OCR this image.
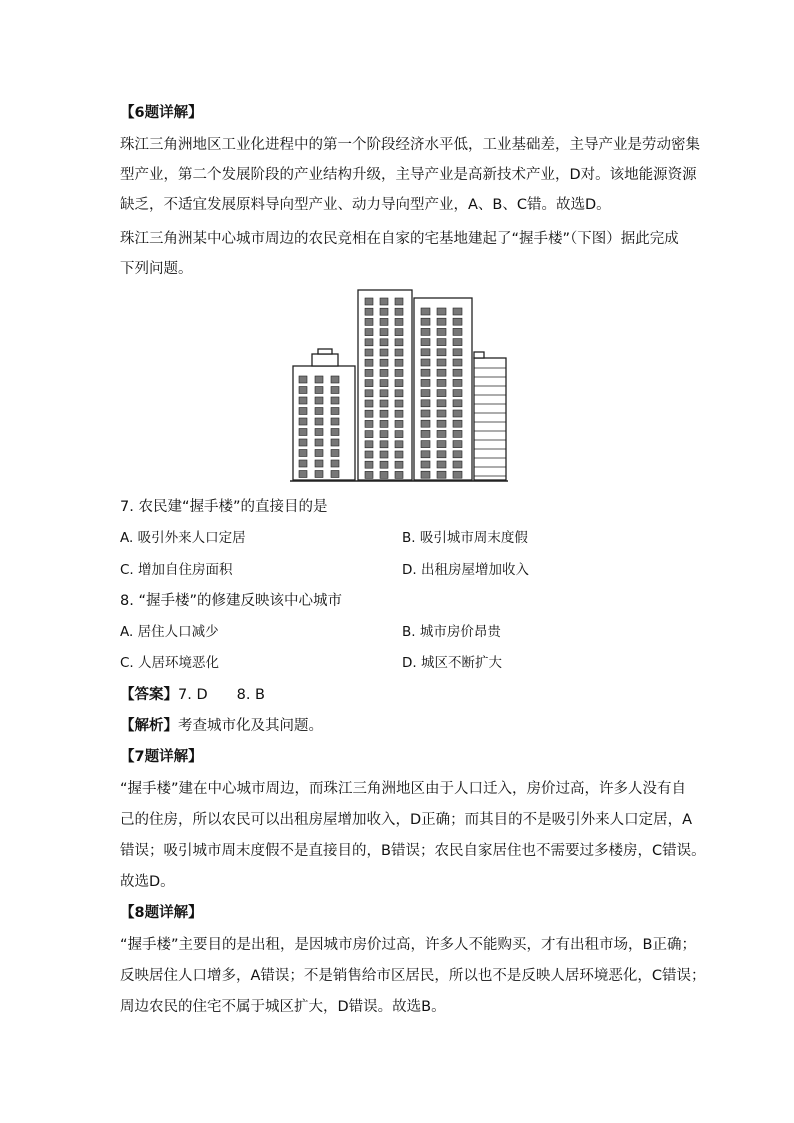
【6题详解】
珠江三角洲地区工业化进程中的第一个阶段经济水平低，工业基础差，主导产业是劳动密集
型产业，第二个发展阶段的产业结构升级，主导产业是高新技术产业，D对。该地能源资源
缺乏，不适宜发展原料导向型产业、动力导向型产业，A、B、C错。故选D。
珠江三角洲某中心城市周边的农民竞相在自家的宅基地建起了“握手楼”（下图）据此完成
下列问题。
7. 农民建“握手楼”的直接目的是
A. 吸引外来人口定居	B. 吸引城市周末度假
C. 增加自住房面积	D. 出租房屋增加收入
8. “握手楼”的修建反映该中心城市
A. 居住人口减少	B. 城市房价昂贵
C. 人居环境恶化	D. 城区不断扩大
【答案】7. D　　8. B
【解析】考查城市化及其问题。
【7题详解】
“握手楼”建在中心城市周边，而珠江三角洲地区由于人口迁入，房价过高，许多人没有自
己的住房，所以农民可以出租房屋增加收入，D正确；而其目的不是吸引外来人口定居，A
错误；吸引城市周末度假不是直接目的，B错误；农民自家居住也不需要过多楼房，C错误。
故选D。
【8题详解】
“握手楼”主要目的是出租，是因城市房价过高，许多人不能购买，才有出租市场，B正确；
反映居住人口增多，A错误；不是销售给市区居民，所以也不是反映人居环境恶化，C错误；
周边农民的住宅不属于城区扩大，D错误。故选B。
